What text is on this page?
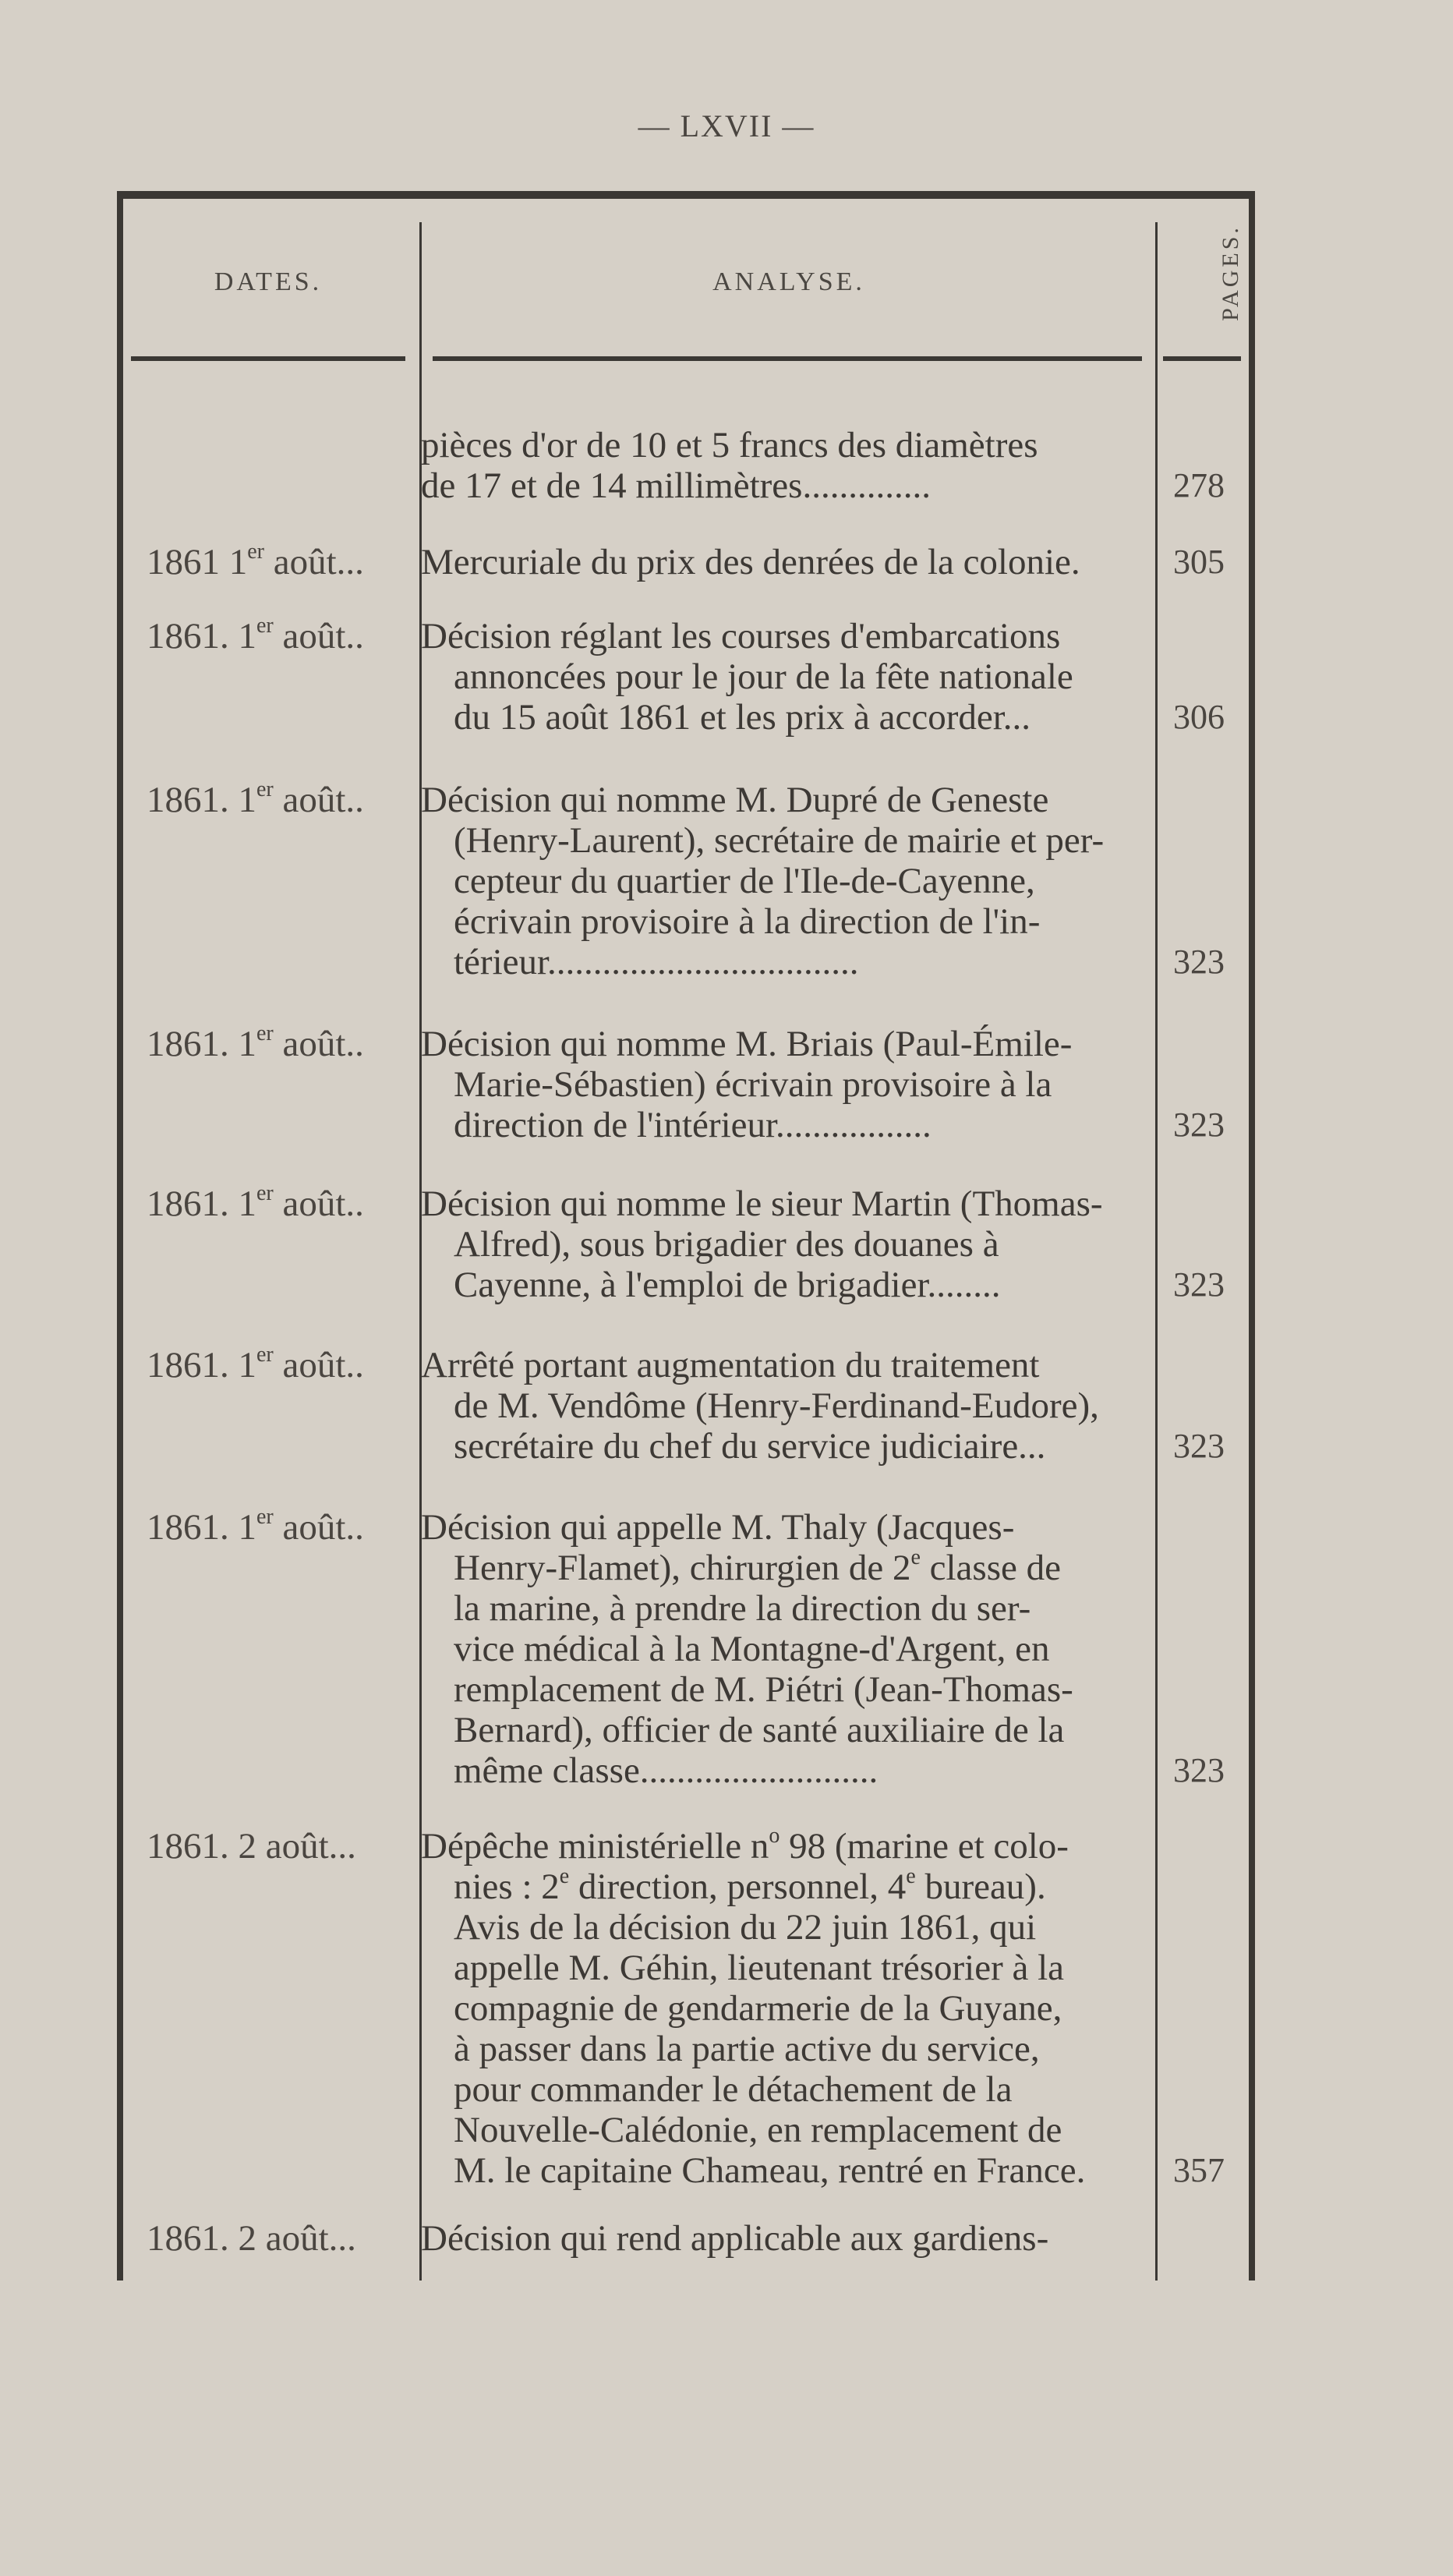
— LXVII —
DATES.	ANALYSE.	PAGES.
pièces d'or de 10 et 5 francs des diamètres
de 17 et de 14 millimètres..............	278
1861 1er août...	Mercuriale du prix des denrées de la colonie.	305
1861. 1er août..	Décision réglant les courses d'embarcations
annoncées pour le jour de la fête nationale
du 15 août 1861 et les prix à accorder...	306
1861. 1er août..	Décision qui nomme M. Dupré de Geneste
(Henry-Laurent), secrétaire de mairie et per-
cepteur du quartier de l'Ile-de-Cayenne,
écrivain provisoire à la direction de l'in-
térieur..................................	323
1861. 1er août..	Décision qui nomme M. Briais (Paul-Émile-
Marie-Sébastien) écrivain provisoire à la
direction de l'intérieur.................	323
1861. 1er août..	Décision qui nomme le sieur Martin (Thomas-
Alfred), sous brigadier des douanes à
Cayenne, à l'emploi de brigadier........	323
1861. 1er août..	Arrêté portant augmentation du traitement
de M. Vendôme (Henry-Ferdinand-Eudore),
secrétaire du chef du service judiciaire...	323
1861. 1er août..	Décision qui appelle M. Thaly (Jacques-
Henry-Flamet), chirurgien de 2e classe de
la marine, à prendre la direction du ser-
vice médical à la Montagne-d'Argent, en
remplacement de M. Piétri (Jean-Thomas-
Bernard), officier de santé auxiliaire de la
même classe..........................	323
1861. 2 août...	Dépêche ministérielle $n^o$ 98 (marine et colo-
nies : 2e direction, personnel, 4e bureau).
Avis de la décision du 22 juin 1861, qui
appelle M. Géhin, lieutenant trésorier à la
compagnie de gendarmerie de la Guyane,
à passer dans la partie active du service,
pour commander le détachement de la
Nouvelle-Calédonie, en remplacement de
M. le capitaine Chameau, rentré en France.	357
1861. 2 août...	Décision qui rend applicable aux gardiens-
